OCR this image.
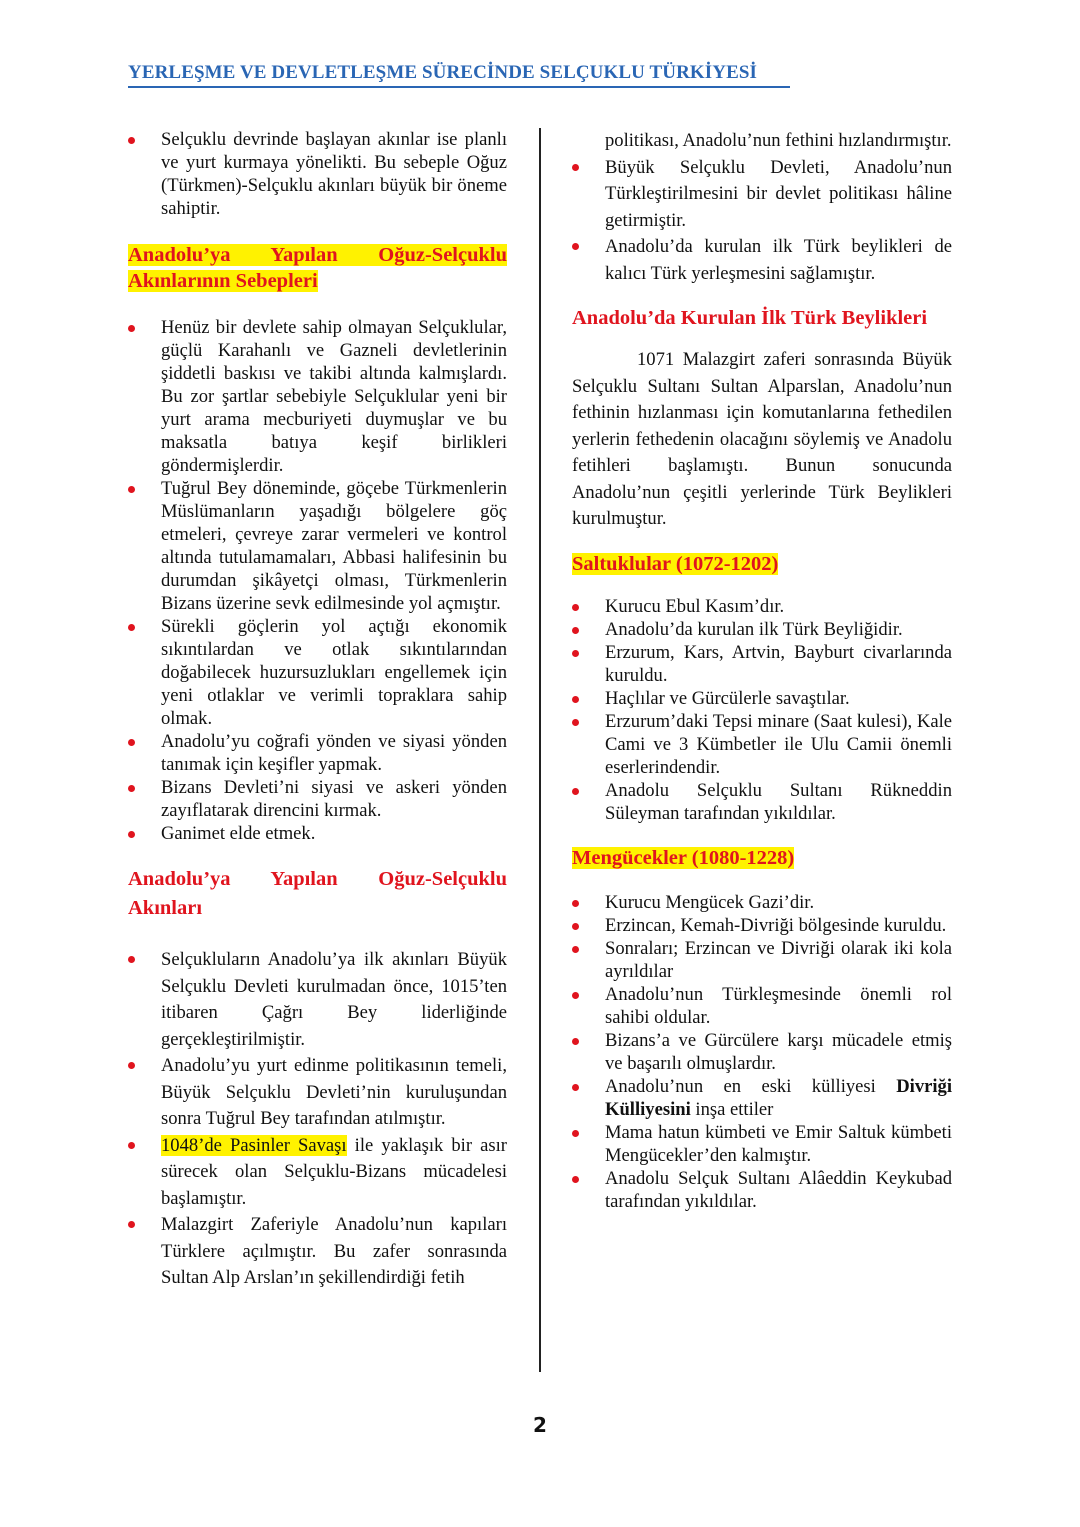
YERLEŞME VE DEVLETLEŞME SÜRECİNDE SELÇUKLU TÜRKİYESİ
Selçuklu devrinde başlayan akınlar ise planlı ve yurt kurmaya yönelikti. Bu sebeple Oğuz (Türkmen)-Selçuklu akınları büyük bir öneme sahiptir.
Anadolu’ya Yapılan Oğuz-Selçuklu Akınlarının Sebepleri
Henüz bir devlete sahip olmayan Selçuklular, güçlü Karahanlı ve Gazneli devletlerinin şiddetli baskısı ve takibi altında kalmışlardı. Bu zor şartlar sebebiyle Selçuklular yeni bir yurt arama mecburiyeti duymuşlar ve bu maksatla batıya keşif birlikleri göndermişlerdir.
Tuğrul Bey döneminde, göçebe Türkmenlerin Müslümanların yaşadığı bölgelere göç etmeleri, çevreye zarar vermeleri ve kontrol altında tutulamamaları, Abbasi halifesinin bu durumdan şikâyetçi olması, Türkmenlerin Bizans üzerine sevk edilmesinde yol açmıştır.
Sürekli göçlerin yol açtığı ekonomik sıkıntılardan ve otlak sıkıntılarından doğabilecek huzursuzlukları engellemek için yeni otlaklar ve verimli topraklara sahip olmak.
Anadolu’yu coğrafi yönden ve siyasi yönden tanımak için keşifler yapmak.
Bizans Devleti’ni siyasi ve askeri yönden zayıflatarak direncini kırmak.
Ganimet elde etmek.
Anadolu’ya Yapılan Oğuz-Selçuklu Akınları
Selçukluların Anadolu’ya ilk akınları Büyük Selçuklu Devleti kurulmadan önce, 1015’ten itibaren Çağrı Bey liderliğinde gerçekleştirilmiştir.
Anadolu’yu yurt edinme politikasının temeli, Büyük Selçuklu Devleti’nin kuruluşundan sonra Tuğrul Bey tarafından atılmıştır.
1048’de Pasinler Savaşı ile yaklaşık bir asır sürecek olan Selçuklu-Bizans mücadelesi başlamıştır.
Malazgirt Zaferiyle Anadolu’nun kapıları Türklere açılmıştır. Bu zafer sonrasında Sultan Alp Arslan’ın şekillendirdiği fetih
politikası, Anadolu’nun fethini hızlandırmıştır.
Büyük Selçuklu Devleti, Anadolu’nun Türkleştirilmesini bir devlet politikası hâline getirmiştir.
Anadolu’da kurulan ilk Türk beylikleri de kalıcı Türk yerleşmesini sağlamıştır.
Anadolu’da Kurulan İlk Türk Beylikleri

1071 Malazgirt zaferi sonrasında Büyük Selçuklu Sultanı Sultan Alparslan, Anadolu’nun fethinin hızlanması için komutanlarına fethedilen yerlerin fethedenin olacağını söylemiş ve Anadolu fetihleri başlamıştı. Bunun sonucunda Anadolu’nun çeşitli yerlerinde Türk Beylikleri kurulmuştur.

Saltuklular (1072-1202)
Kurucu Ebul Kasım’dır.
Anadolu’da kurulan ilk Türk Beyliğidir.
Erzurum, Kars, Artvin, Bayburt civarlarında kuruldu.
Haçlılar ve Gürcülerle savaştılar.
Erzurum’daki Tepsi minare (Saat kulesi), Kale Cami ve 3 Kümbetler ile Ulu Camii önemli eserlerindendir.
Anadolu Selçuklu Sultanı Rükneddin Süleyman tarafından yıkıldılar.
Mengücekler (1080-1228)
Kurucu Mengücek Gazi’dir.
Erzincan, Kemah-Divriği bölgesinde kuruldu.
Sonraları; Erzincan ve Divriği olarak iki kola ayrıldılar
Anadolu’nun Türkleşmesinde önemli rol sahibi oldular.
Bizans’a ve Gürcülere karşı mücadele etmiş ve başarılı olmuşlardır.
Anadolu’nun en eski külliyesi Divriği Külliyesini inşa ettiler
Mama hatun kümbeti ve Emir Saltuk kümbeti Mengücekler’den kalmıştır.
Anadolu Selçuk Sultanı Alâeddin Keykubad tarafından yıkıldılar.
2
